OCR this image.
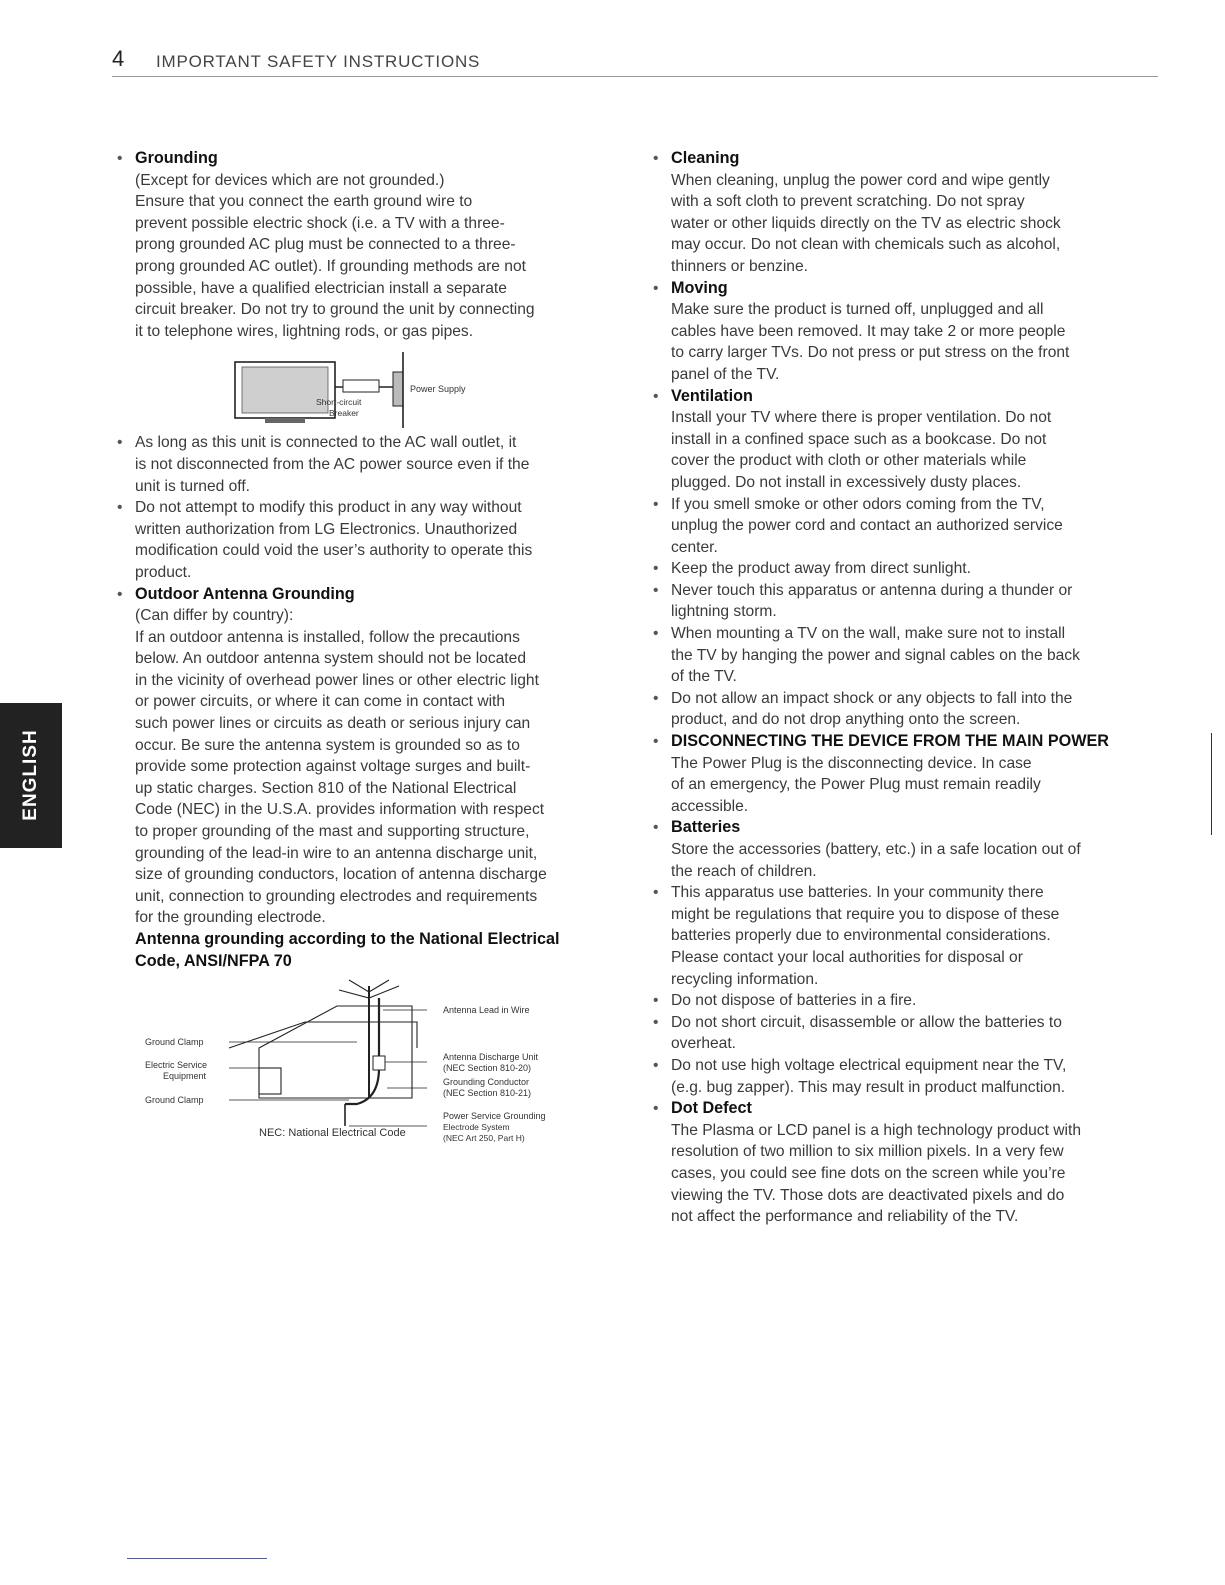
4 IMPORTANT SAFETY INSTRUCTIONS
ENGLISH

• Grounding

(Except for devices which are not grounded.)

Ensure that you connect the earth ground wire to

prevent possible electric shock (i.e. a TV with a three-

prong grounded AC plug must be connected to a three-

prong grounded AC outlet). If grounding methods are not

possible, have a qualified electrician install a separate

circuit breaker. Do not try to ground the unit by connecting

it to telephone wires, lightning rods, or gas pipes.

Power Supply
Short-circuit
Breaker

• As long as this unit is connected to the AC wall outlet, it

is not disconnected from the AC power source even if the

unit is turned off.

• Do not attempt to modify this product in any way without

written authorization from LG Electronics. Unauthorized

modification could void the user’s authority to operate this

product.

• Outdoor Antenna Grounding

(Can differ by country):

If an outdoor antenna is installed, follow the precautions

below. An outdoor antenna system should not be located

in the vicinity of overhead power lines or other electric light

or power circuits, or where it can come in contact with

such power lines or circuits as death or serious injury can

occur. Be sure the antenna system is grounded so as to

provide some protection against voltage surges and built-

up static charges. Section 810 of the National Electrical

Code (NEC) in the U.S.A. provides information with respect

to proper grounding of the mast and supporting structure,

grounding of the lead-in wire to an antenna discharge unit,

size of grounding conductors, location of antenna discharge

unit, connection to grounding electrodes and requirements

for the grounding electrode.

Antenna grounding according to the National Electrical

Code, ANSI/NFPA 70

Antenna Lead in Wire
Ground Clamp
Electric Service
Equipment
Ground Clamp
Antenna Discharge Unit
(NEC Section 810-20)
Grounding Conductor
(NEC Section 810-21)
Power Service Grounding
Electrode System
(NEC Art 250, Part H)
NEC: National Electrical Code

• Cleaning

When cleaning, unplug the power cord and wipe gently

with a soft cloth to prevent scratching. Do not spray

water or other liquids directly on the TV as electric shock

may occur. Do not clean with chemicals such as alcohol,

thinners or benzine.

• Moving

Make sure the product is turned off, unplugged and all

cables have been removed. It may take 2 or more people

to carry larger TVs. Do not press or put stress on the front

panel of the TV.

• Ventilation

Install your TV where there is proper ventilation. Do not

install in a confined space such as a bookcase. Do not

cover the product with cloth or other materials while

plugged. Do not install in excessively dusty places.

• If you smell smoke or other odors coming from the TV,

unplug the power cord and contact an authorized service

center.

• Keep the product away from direct sunlight.

• Never touch this apparatus or antenna during a thunder or

lightning storm.

• When mounting a TV on the wall, make sure not to install

the TV by hanging the power and signal cables on the back

of the TV.

• Do not allow an impact shock or any objects to fall into the

product, and do not drop anything onto the screen.

• DISCONNECTING THE DEVICE FROM THE MAIN POWER

The Power Plug is the disconnecting device. In case

of an emergency, the Power Plug must remain readily

accessible.

• Batteries

Store the accessories (battery, etc.) in a safe location out of

the reach of children.

• This apparatus use batteries. In your community there

might be regulations that require you to dispose of these

batteries properly due to environmental considerations.

Please contact your local authorities for disposal or

recycling information.

• Do not dispose of batteries in a fire.

• Do not short circuit, disassemble or allow the batteries to

overheat.

• Do not use high voltage electrical equipment near the TV,

(e.g. bug zapper). This may result in product malfunction.

• Dot Defect

The Plasma or LCD panel is a high technology product with

resolution of two million to six million pixels. In a very few

cases, you could see fine dots on the screen while you’re

viewing the TV. Those dots are deactivated pixels and do

not affect the performance and reliability of the TV.
